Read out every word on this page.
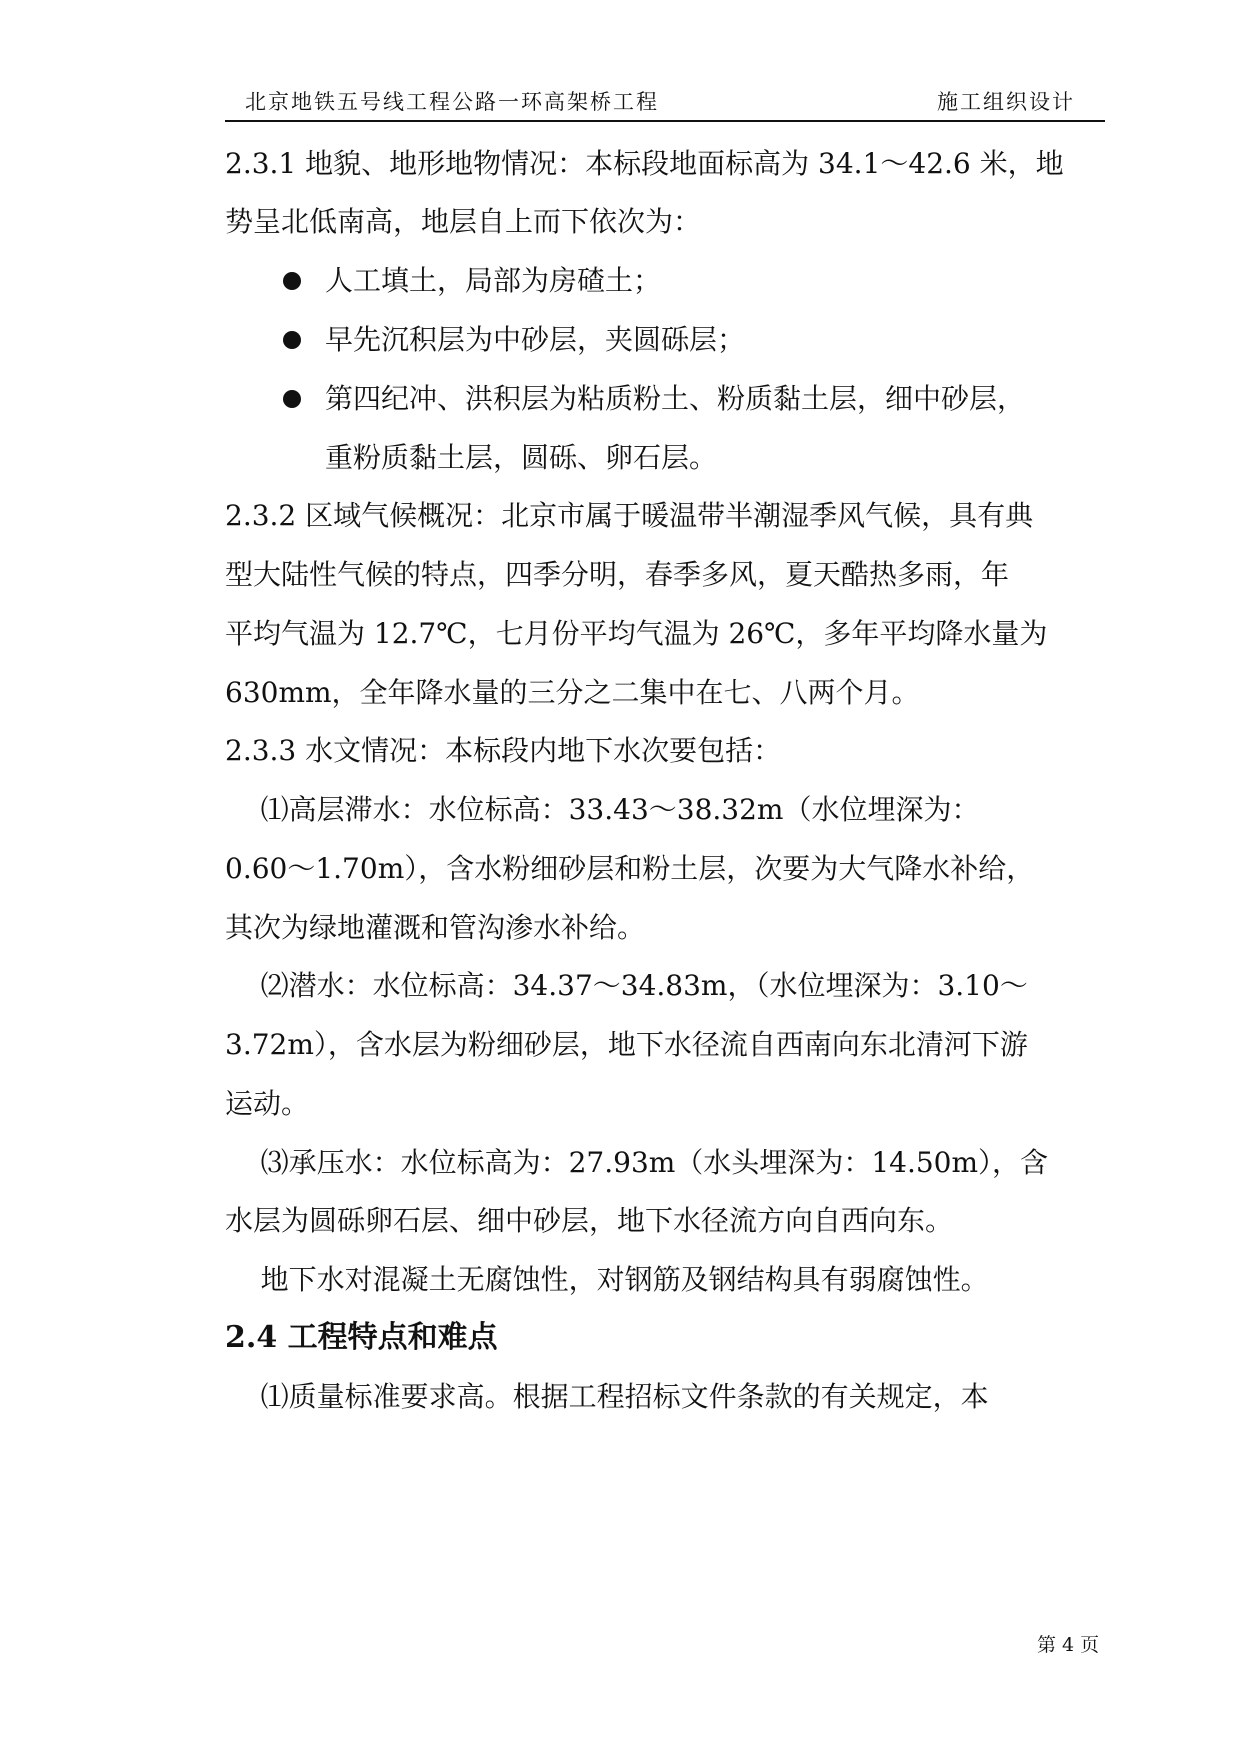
北京地铁五号线工程公路一环高架桥工程	施工组织设计
2.3.1 地貌、地形地物情况：本标段地面标高为 34.1～42.6 米，地
势呈北低南高，地层自上而下依次为：
人工填土，局部为房碴土；
早先沉积层为中砂层，夹圆砾层；
第四纪冲、洪积层为粘质粉土、粉质黏土层，细中砂层，
重粉质黏土层，圆砾、卵石层。
2.3.2 区域气候概况：北京市属于暖温带半潮湿季风气候，具有典
型大陆性气候的特点，四季分明，春季多风，夏天酷热多雨，年
平均气温为 12.7℃，七月份平均气温为 26℃，多年平均降水量为
630mm，全年降水量的三分之二集中在七、八两个月。
2.3.3 水文情况：本标段内地下水次要包括：
⑴高层滞水：水位标高：33.43～38.32m（水位埋深为：
0.60～1.70m），含水粉细砂层和粉土层，次要为大气降水补给，
其次为绿地灌溉和管沟渗水补给。
⑵潜水：水位标高：34.37～34.83m，（水位埋深为：3.10～
3.72m），含水层为粉细砂层，地下水径流自西南向东北清河下游
运动。
⑶承压水：水位标高为：27.93m（水头埋深为：14.50m），含
水层为圆砾卵石层、细中砂层，地下水径流方向自西向东。
地下水对混凝土无腐蚀性，对钢筋及钢结构具有弱腐蚀性。
2.4 工程特点和难点
⑴质量标准要求高。根据工程招标文件条款的有关规定，本
第 4 页
